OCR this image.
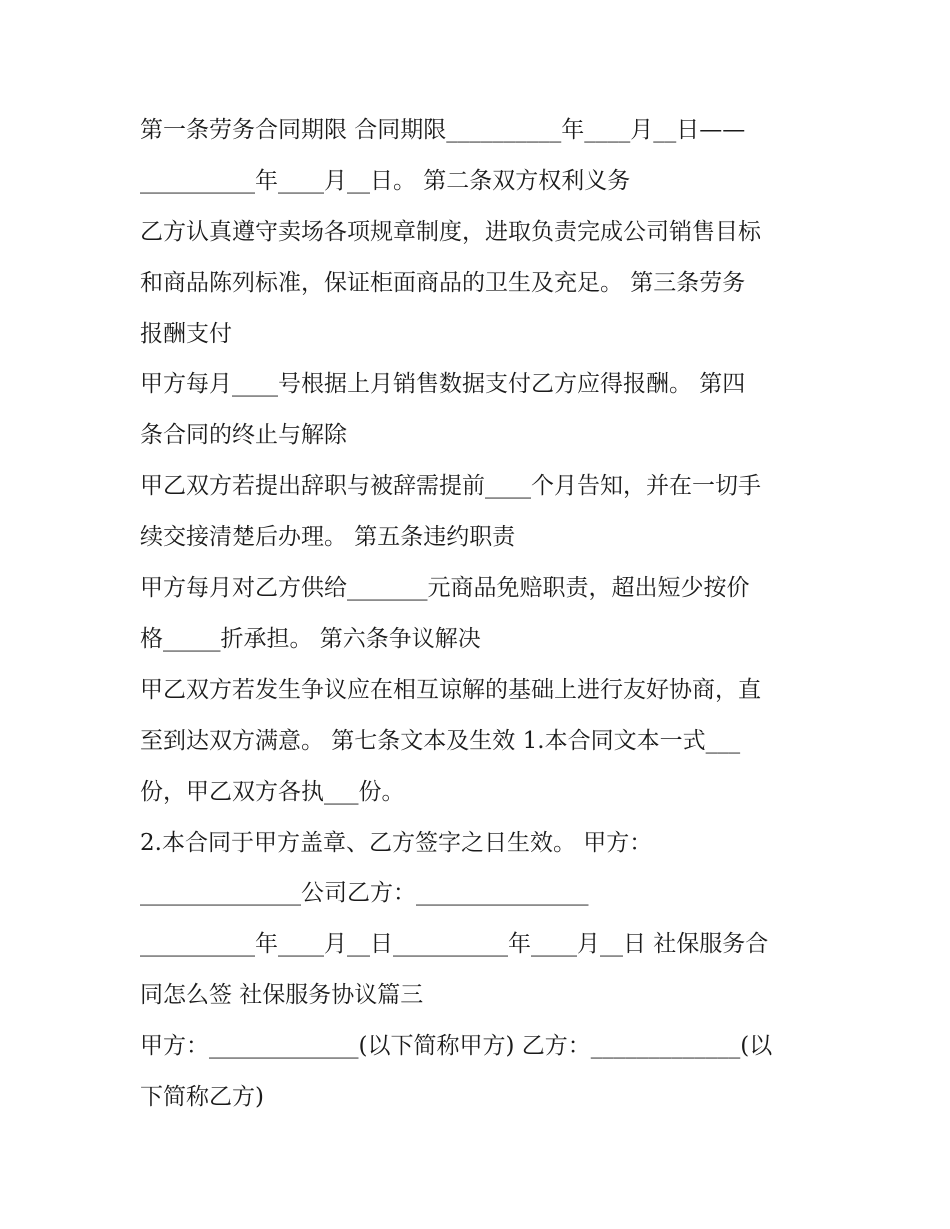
第一条劳务合同期限 合同期限__________年____月__日——

__________年____月__日。 第二条双方权利义务

乙方认真遵守卖场各项规章制度，进取负责完成公司销售目标

和商品陈列标准，保证柜面商品的卫生及充足。 第三条劳务

报酬支付

甲方每月____号根据上月销售数据支付乙方应得报酬。 第四

条合同的终止与解除

甲乙双方若提出辞职与被辞需提前____个月告知，并在一切手

续交接清楚后办理。 第五条违约职责

甲方每月对乙方供给_______元商品免赔职责，超出短少按价

格_____折承担。 第六条争议解决

甲乙双方若发生争议应在相互谅解的基础上进行友好协商，直

至到达双方满意。 第七条文本及生效 1.本合同文本一式___

份，甲乙双方各执___份。

2.本合同于甲方盖章、乙方签字之日生效。 甲方：

______________公司乙方：_______________

__________年____月__日__________年____月__日 社保服务合

同怎么签 社保服务协议篇三

甲方：_____________(以下简称甲方) 乙方：_____________(以

下简称乙方)
